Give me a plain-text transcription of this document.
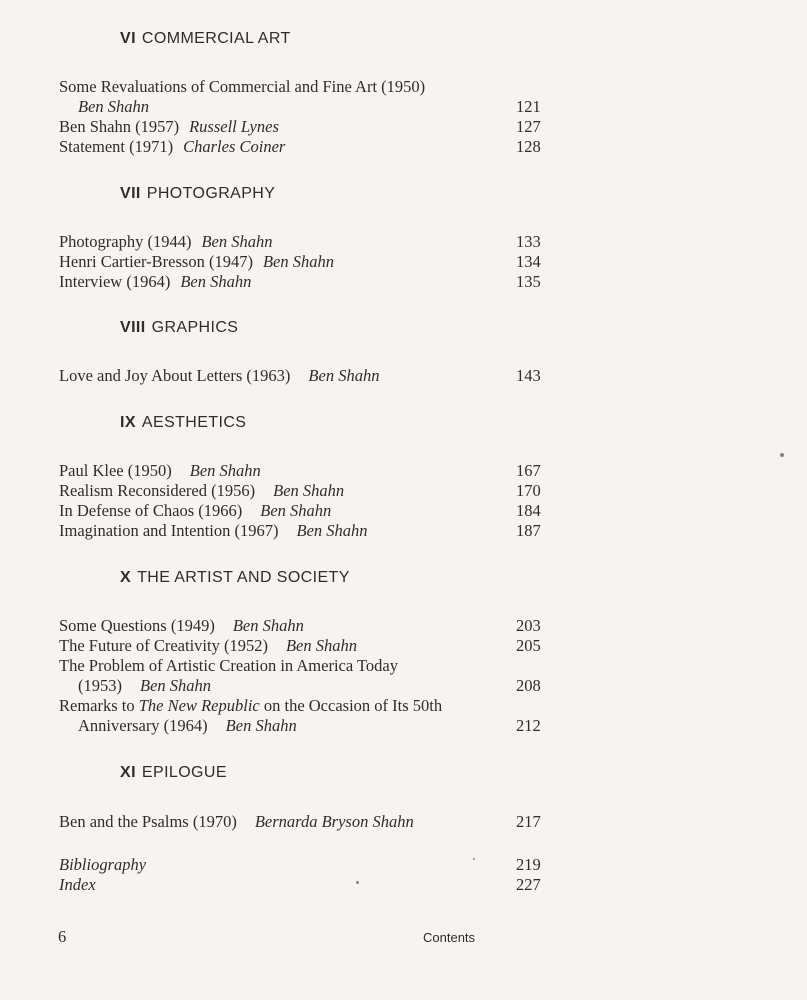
VI COMMERCIAL ART
VII PHOTOGRAPHY
VIII GRAPHICS
IX AESTHETICS
X THE ARTIST AND SOCIETY
XI EPILOGUE
Some Revaluations of Commercial and Fine Art (1950)
Ben Shahn	121
Ben Shahn (1957) Russell Lynes	127
Statement (1971) Charles Coiner	128
Photography (1944) Ben Shahn	133
Henri Cartier-Bresson (1947) Ben Shahn	134
Interview (1964) Ben Shahn	135
Love and Joy About Letters (1963) Ben Shahn	143
Paul Klee (1950) Ben Shahn	167
Realism Reconsidered (1956) Ben Shahn	170
In Defense of Chaos (1966) Ben Shahn	184
Imagination and Intention (1967) Ben Shahn	187
Some Questions (1949) Ben Shahn	203
The Future of Creativity (1952) Ben Shahn	205
The Problem of Artistic Creation in America Today
(1953) Ben Shahn	208
Remarks to The New Republic on the Occasion of Its 50th
Anniversary (1964) Ben Shahn	212
Ben and the Psalms (1970) Bernarda Bryson Shahn	217
Bibliography	219
Index	227
6	Contents
